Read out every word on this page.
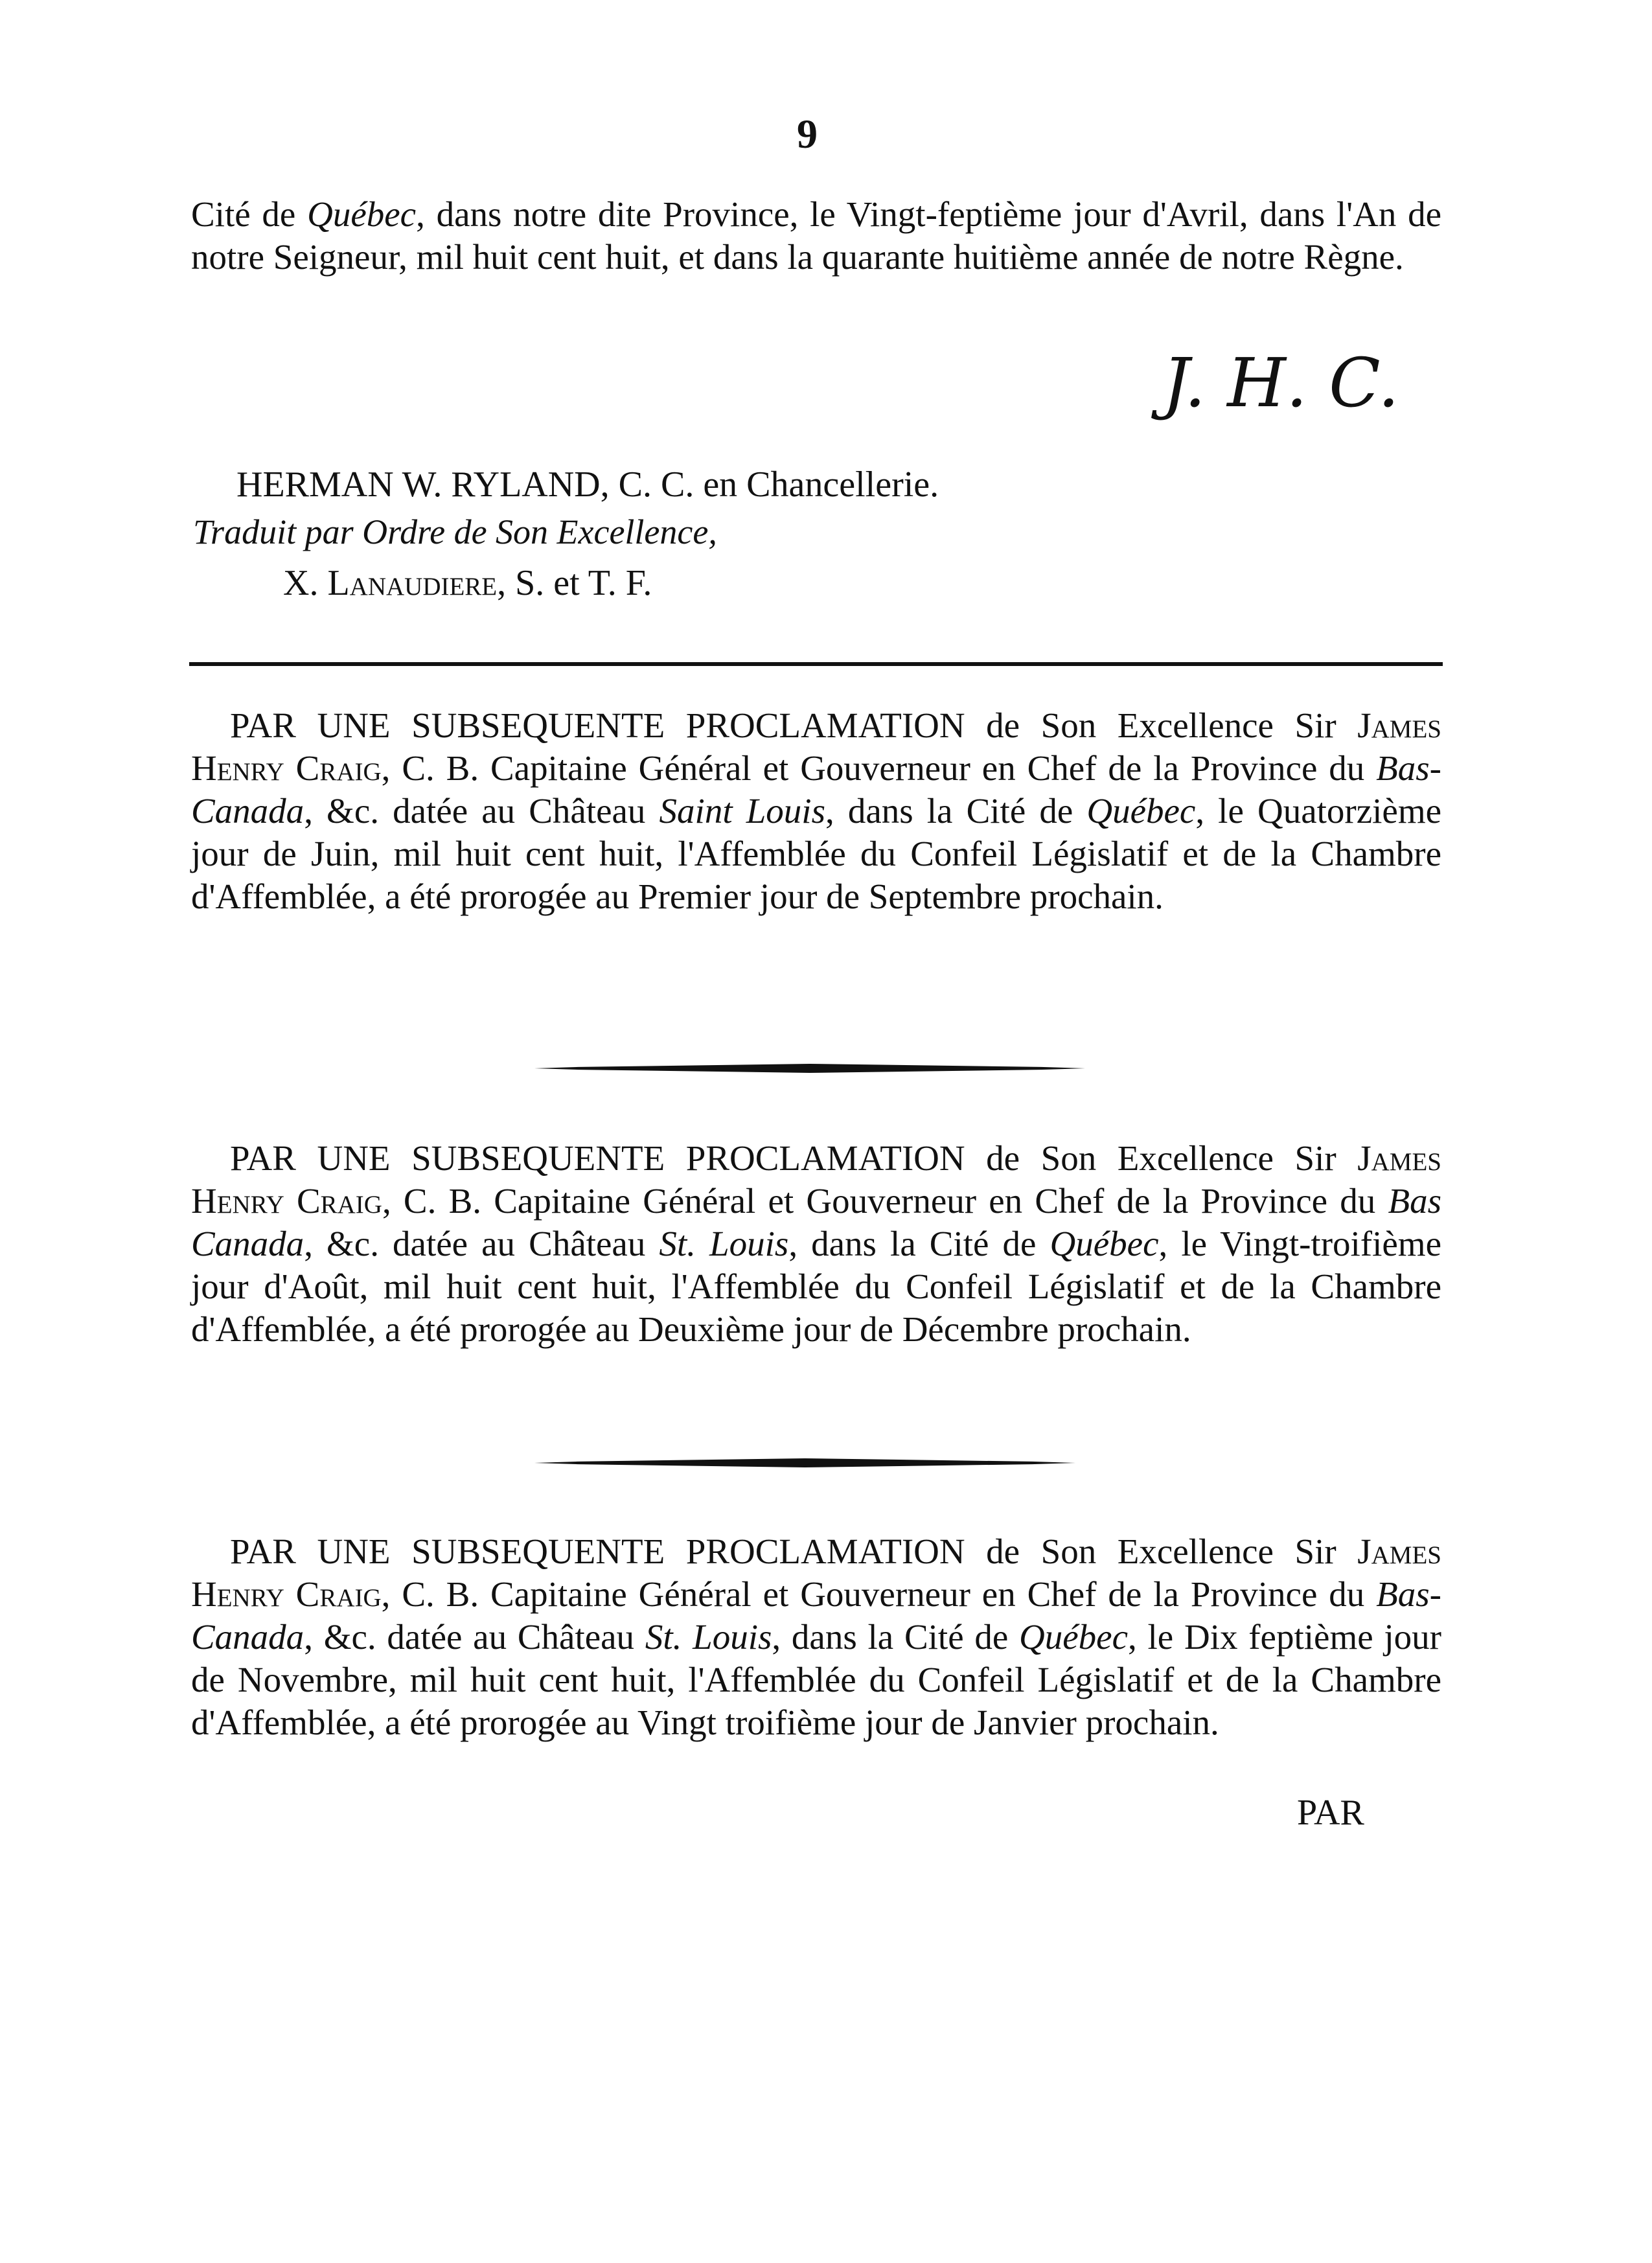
9

Cité de Québec, dans notre dite Province, le Vingt-feptième jour d'Avril, dans l'An de notre Seigneur, mil huit cent huit, et dans la quarante huitième année de notre Règne.

J. H. C.
HERMAN W. RYLAND, C. C. en Chancellerie.
Traduit par Ordre de Son Excellence,
X. Lanaudiere, S. et T. F.

PAR UNE SUBSEQUENTE PROCLAMATION de Son Excellence Sir James Henry Craig, C. B. Capitaine Général et Gouverneur en Chef de la Province du Bas-Canada, &c. datée au Château Saint Louis, dans la Cité de Québec, le Quatorzième jour de Juin, mil huit cent huit, l'Affemblée du Confeil Législatif et de la Chambre d'Affemblée, a été prorogée au Premier jour de Septembre prochain.

PAR UNE SUBSEQUENTE PROCLAMATION de Son Excellence Sir James Henry Craig, C. B. Capitaine Général et Gouverneur en Chef de la Province du Bas Canada, &c. datée au Château St. Louis, dans la Cité de Québec, le Vingt-troifième jour d'Août, mil huit cent huit, l'Affemblée du Confeil Législatif et de la Chambre d'Affemblée, a été prorogée au Deuxième jour de Décembre prochain.

PAR UNE SUBSEQUENTE PROCLAMATION de Son Excellence Sir James Henry Craig, C. B. Capitaine Général et Gouverneur en Chef de la Province du Bas-Canada, &c. datée au Château St. Louis, dans la Cité de Québec, le Dix feptième jour de Novembre, mil huit cent huit, l'Affemblée du Confeil Législatif et de la Chambre d'Affemblée, a été prorogée au Vingt troifième jour de Janvier prochain.

PAR
